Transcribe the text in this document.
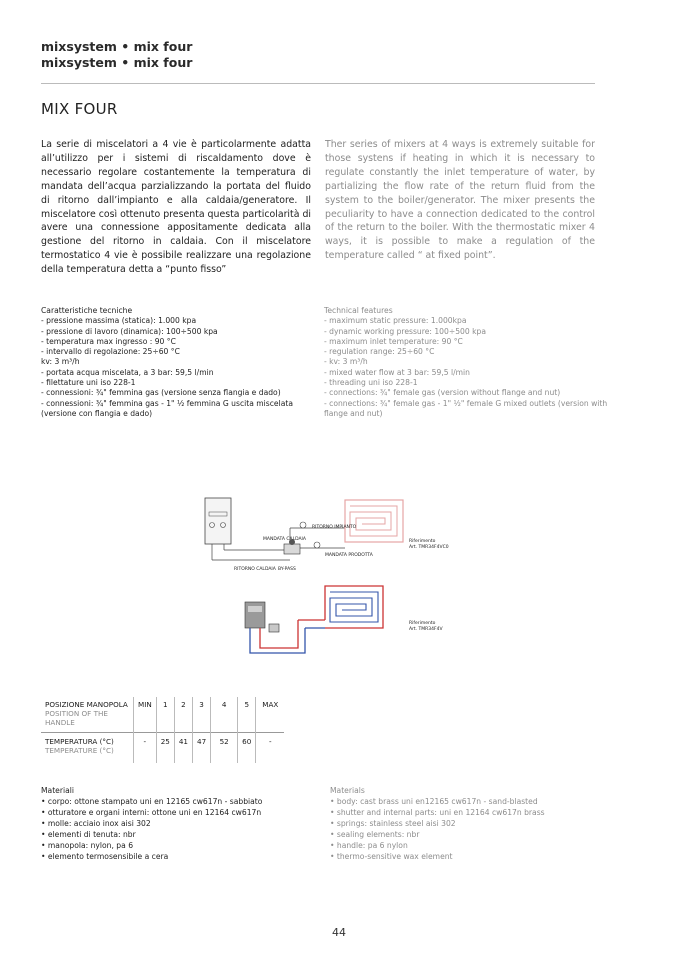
mixsystem • mix four
mixsystem • mix four
MIX FOUR
La serie di miscelatori a 4 vie è particolarmente adatta all’utilizzo per i sistemi di riscaldamento dove è necessario regolare costantemente la temperatura di mandata dell’acqua parzializzando la portata del fluido di ritorno dall’impianto e alla caldaia/generatore. Il miscelatore così ottenuto presenta questa particolarità di avere una connessione appositamente dedicata alla gestione del ritorno in caldaia. Con il miscelatore termostatico 4 vie è possibile realizzare una regolazione della temperatura detta a “punto fisso”
Ther series of mixers at 4 ways is extremely suitable for those systens if heating in which it is necessary to regulate constantly the inlet temperature of water, by partializing the flow rate of the return fluid from the system to the boiler/generator. The mixer presents the peculiarity to have a connection dedicated to the control of the return to the boiler. With the thermostatic mixer 4 ways, it is possible to make a regulation of the temperature called “ at fixed point”.
Caratteristiche tecniche
- pressione massima (statica): 1.000 kpa
- pressione di lavoro (dinamica): 100÷500 kpa
- temperatura max ingresso : 90 °C
- intervallo di regolazione: 25÷60 °C
kv: 3 m³/h
- portata acqua miscelata, a 3 bar: 59,5 l/min
- filettature uni iso 228-1
- connessioni: ¾" femmina gas (versione senza flangia e dado)
- connessioni: ¾" femmina gas - 1" ½ femmina G uscita miscelata (versione con flangia e dado)
Technical features
- maximum static pressure: 1.000kpa
- dynamic working pressure: 100÷500 kpa
- maximum inlet temperature: 90 °C
- regulation range: 25÷60 °C
- kv: 3 m³/h
- mixed water flow at 3 bar: 59,5 l/min
- threading uni iso 228-1
- connections: ¾" female gas (version without flange and nut)
- connections: ¾" female gas - 1" ½" female G mixed outlets (version with flange and nut)
RITORNO IMPIANTO
MANDATA CALDAIA
MANDATA PRODOTTA
RITORNO CALDAIA BY-PASS
Riferimento
Art. TMR34F4VC0
Riferimento
Art. TMR34F4V
POSIZIONE MANOPOLA
POSITION OF THE HANDLE	MIN	1	2	3	4	5	MAX

TEMPERATURA (°C)
TEMPERATURE (°C)	-	25	41	47	52	60	-
Materiali
• corpo: ottone stampato uni en 12165 cw617n - sabbiato
• otturatore e organi interni: ottone uni en 12164 cw617n
• molle: acciaio inox aisi 302
• elementi di tenuta: nbr
• manopola: nylon, pa 6
• elemento termosensibile a cera
Materials
• body: cast brass uni en12165 cw617n - sand-blasted
• shutter and internal parts: uni en 12164 cw617n brass
• springs: stainless steel aisi 302
• sealing elements: nbr
• handle: pa 6 nylon
• thermo-sensitive wax element
44
